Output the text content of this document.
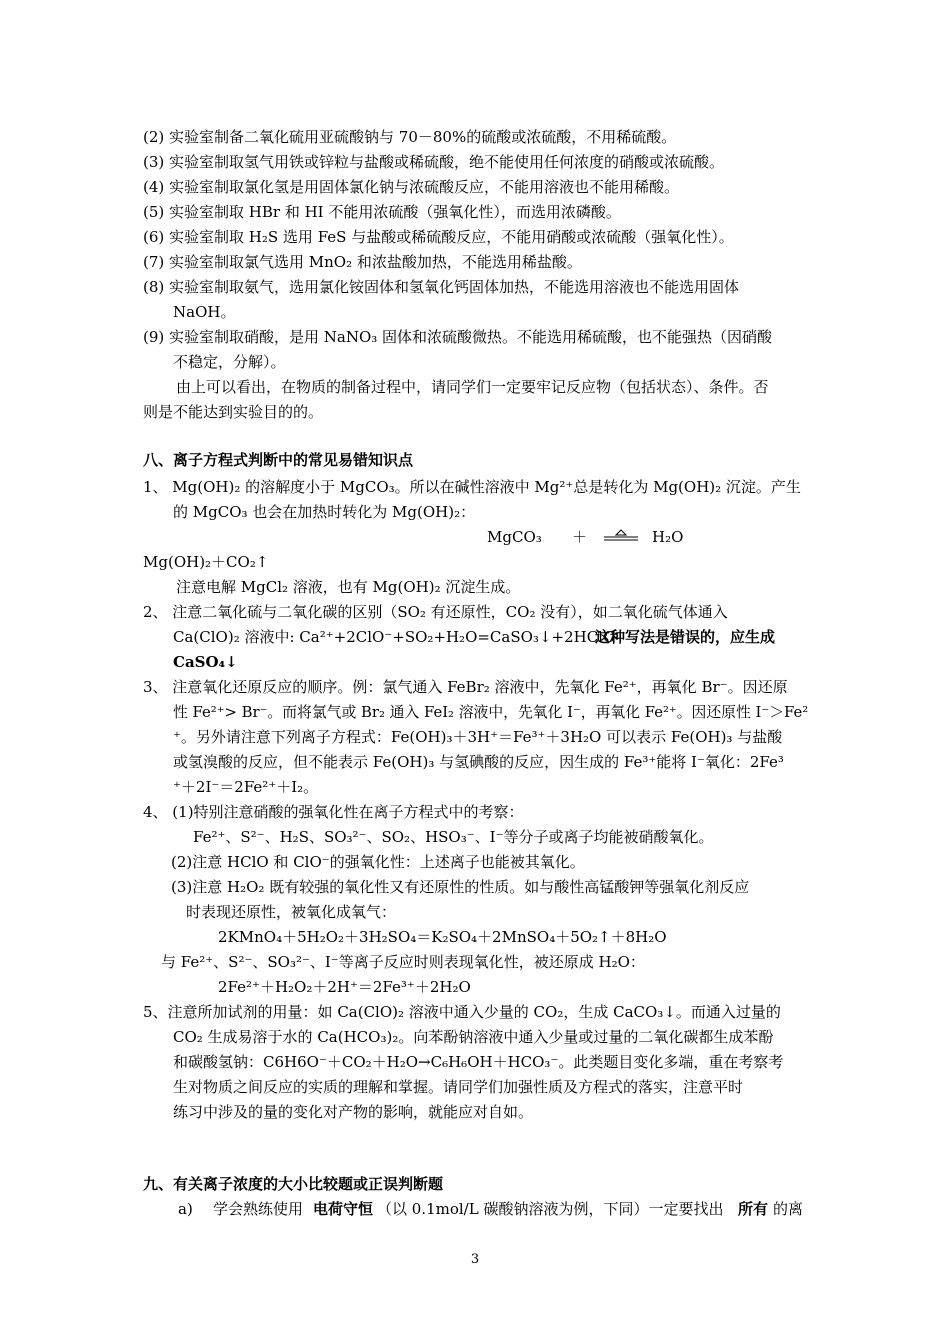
(2) 实验室制备二氧化硫用亚硫酸钠与 70－80%的硫酸或浓硫酸，不用稀硫酸。
(3) 实验室制取氢气用铁或锌粒与盐酸或稀硫酸，绝不能使用任何浓度的硝酸或浓硫酸。
(4) 实验室制取氯化氢是用固体氯化钠与浓硫酸反应，不能用溶液也不能用稀酸。
(5) 实验室制取 HBr 和 HI 不能用浓硫酸（强氧化性），而选用浓磷酸。
(6) 实验室制取 H₂S 选用 FeS 与盐酸或稀硫酸反应，不能用硝酸或浓硫酸（强氧化性）。
(7) 实验室制取氯气选用 MnO₂ 和浓盐酸加热，不能选用稀盐酸。
(8) 实验室制取氨气，选用氯化铵固体和氢氧化钙固体加热，不能选用溶液也不能选用固体
NaOH。
(9) 实验室制取硝酸，是用 NaNO₃ 固体和浓硫酸微热。不能选用稀硫酸，也不能强热（因硝酸
不稳定，分解）。
由上可以看出，在物质的制备过程中，请同学们一定要牢记反应物（包括状态）、条件。否
则是不能达到实验目的的。
八、离子方程式判断中的常见易错知识点
1、 Mg(OH)₂ 的溶解度小于 MgCO₃。所以在碱性溶液中 Mg²⁺总是转化为 Mg(OH)₂ 沉淀。产生
的 MgCO₃ 也会在加热时转化为 Mg(OH)₂：
MgCO₃ ＋	H₂O
Mg(OH)₂＋CO₂↑
注意电解 MgCl₂ 溶液，也有 Mg(OH)₂ 沉淀生成。
2、 注意二氧化硫与二氧化碳的区别（SO₂ 有还原性，CO₂ 没有），如二氧化硫气体通入
Ca(ClO)₂ 溶液中: Ca²⁺+2ClO⁻+SO₂+H₂O=CaSO₃↓+2HClO
这种写法是错误的，应生成
CaSO₄↓
3、 注意氧化还原反应的顺序。例：氯气通入 FeBr₂ 溶液中，先氧化 Fe²⁺，再氧化 Br⁻。因还原
性 Fe²⁺> Br⁻。而将氯气或 Br₂ 通入 FeI₂ 溶液中，先氧化 I⁻，再氧化 Fe²⁺。因还原性 I⁻＞Fe²
⁺。另外请注意下列离子方程式：Fe(OH)₃＋3H⁺＝Fe³⁺＋3H₂O 可以表示 Fe(OH)₃ 与盐酸
或氢溴酸的反应，但不能表示 Fe(OH)₃ 与氢碘酸的反应，因生成的 Fe³⁺能将 I⁻氧化：2Fe³
⁺＋2I⁻＝2Fe²⁺＋I₂。
4、 (1)特别注意硝酸的强氧化性在离子方程式中的考察：
Fe²⁺、S²⁻、H₂S、SO₃²⁻、SO₂、HSO₃⁻、I⁻等分子或离子均能被硝酸氧化。
(2)注意 HClO 和 ClO⁻的强氧化性：上述离子也能被其氧化。
(3)注意 H₂O₂ 既有较强的氧化性又有还原性的性质。如与酸性高锰酸钾等强氧化剂反应
时表现还原性，被氧化成氧气：
2KMnO₄＋5H₂O₂＋3H₂SO₄＝K₂SO₄＋2MnSO₄＋5O₂↑＋8H₂O
与 Fe²⁺、S²⁻、SO₃²⁻、I⁻等离子反应时则表现氧化性，被还原成 H₂O：
2Fe²⁺＋H₂O₂＋2H⁺＝2Fe³⁺＋2H₂O
5、注意所加试剂的用量：如 Ca(ClO)₂ 溶液中通入少量的 CO₂，生成 CaCO₃↓。而通入过量的
CO₂ 生成易溶于水的 Ca(HCO₃)₂。向苯酚钠溶液中通入少量或过量的二氧化碳都生成苯酚
和碳酸氢钠：C6H6O⁻＋CO₂＋H₂O→C₆H₆OH＋HCO₃⁻。此类题目变化多端，重在考察考
生对物质之间反应的实质的理解和掌握。请同学们加强性质及方程式的落实，注意平时
练习中涉及的量的变化对产物的影响，就能应对自如。
九、有关离子浓度的大小比较题或正误判断题
a) 学会熟练使用 电荷守恒 （以 0.1mol/L 碳酸钠溶液为例，下同）一定要找出 所有 的离
3
